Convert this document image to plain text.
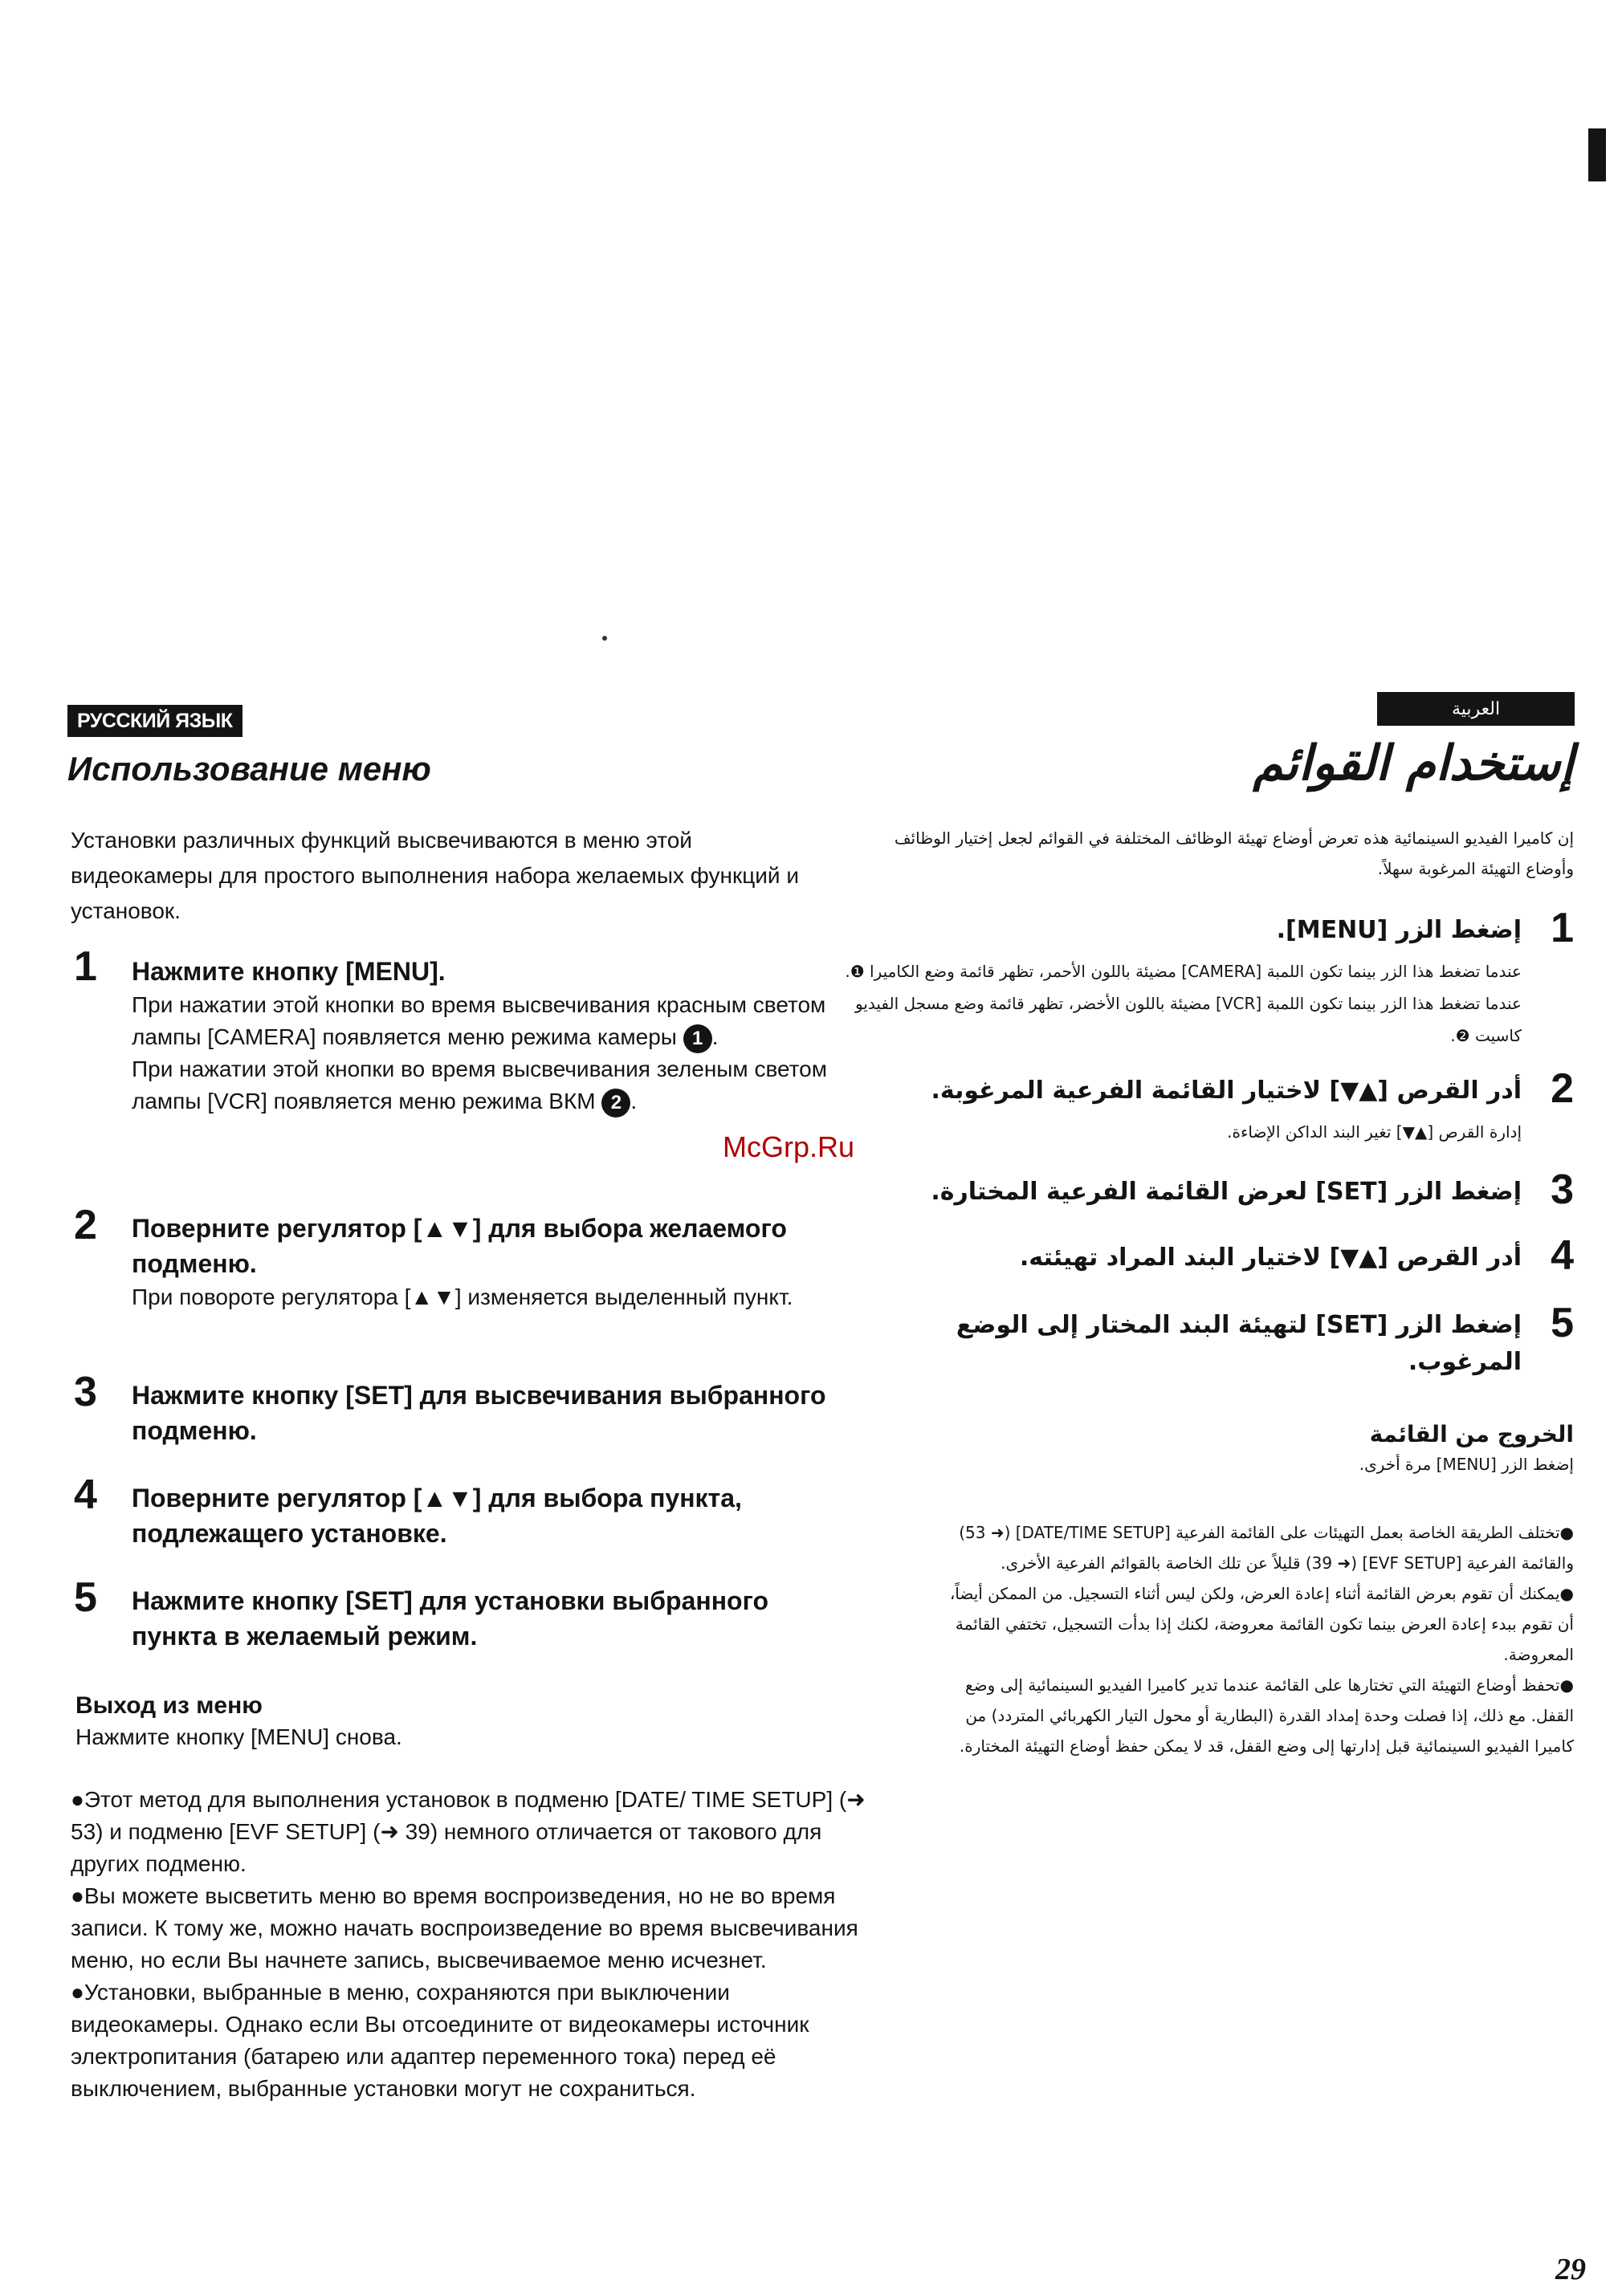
РУССКИЙ ЯЗЫК
Использование меню
Установки различных функций высвечиваются в меню этой видеокамеры для простого выполнения набора желаемых функций и установок.
1 Нажмите кнопку [MENU].
При нажатии этой кнопки во время высвечивания красным светом лампы [CAMERA] появляется меню режима камеры 1 .
При нажатии этой кнопки во время высвечивания зеленым светом лампы [VCR] появляется меню режима ВКМ 2 .
2 Поверните регулятор [▲▼] для выбора желаемого подменю.
При повороте регулятора [▲▼] изменяется выделенный пункт.
3 Нажмите кнопку [SET] для высвечивания выбранного подменю.
4 Поверните регулятор [▲▼] для выбора пункта, подлежащего установке.
5 Нажмите кнопку [SET] для установки выбранного пункта в желаемый режим.
Выход из меню
Нажмите кнопку [MENU] снова.

●Этот метод для выполнения установок в подменю [DATE/ TIME SETUP] (➜ 53) и подменю [EVF SETUP] (➜ 39) немного отличается от такового для других подменю.

●Вы можете высветить меню во время воспроизведения, но не во время записи. К тому же, можно начать воспроизведение во время высвечивания меню, но если Вы начнете запись, высвечиваемое меню исчезнет.

●Установки, выбранные в меню, сохраняются при выключении видеокамеры. Однако если Вы отсоедините от видеокамеры источник электропитания (батарею или адаптер переменного тока) перед её выключением, выбранные установки могут не сохраниться.

العربية
إستخدام القوائم
إن كاميرا الفيديو السينمائية هذه تعرض أوضاع تهيئة الوظائف المختلفة في القوائم لجعل إختيار الوظائف وأوضاع التهيئة المرغوبة سهلاً.
1
إضغط الزر [MENU].
عندما تضغط هذا الزر بينما تكون اللمبة [CAMERA] مضيئة باللون الأحمر، تظهر قائمة وضع الكاميرا ❶. عندما تضغط هذا الزر بينما تكون اللمبة [VCR] مضيئة باللون الأخضر، تظهر قائمة وضع مسجل الفيديو كاسيت ❷.
2
أدر القرص [▲▼] لاختيار القائمة الفرعية المرغوبة.
إدارة القرص [▲▼] تغير البند الداكن الإضاءة.
3
إضغط الزر [SET] لعرض القائمة الفرعية المختارة.
4
أدر القرص [▲▼] لاختيار البند المراد تهيئته.
5
إضغط الزر [SET] لتهيئة البند المختار إلى الوضع المرغوب.
الخروج من القائمة
إضغط الزر [MENU] مرة أخرى.

●تختلف الطريقة الخاصة بعمل التهيئات على القائمة الفرعية [DATE/TIME SETUP] (➜ 53) والقائمة الفرعية [EVF SETUP] (➜ 39) قليلاً عن تلك الخاصة بالقوائم الفرعية الأخرى.

●يمكنك أن تقوم بعرض القائمة أثناء إعادة العرض، ولكن ليس أثناء التسجيل. من الممكن أيضاً، أن تقوم ببدء إعادة العرض بينما تكون القائمة معروضة، لكنك إذا بدأت التسجيل، تختفي القائمة المعروضة.

●تحفظ أوضاع التهيئة التي تختارها على القائمة عندما تدير كاميرا الفيديو السينمائية إلى وضع القفل. مع ذلك، إذا فصلت وحدة إمداد القدرة (البطارية أو محول التيار الكهربائي المتردد) من كاميرا الفيديو السينمائية قبل إدارتها إلى وضع القفل، قد لا يمكن حفظ أوضاع التهيئة المختارة.

McGrp.Ru
29
